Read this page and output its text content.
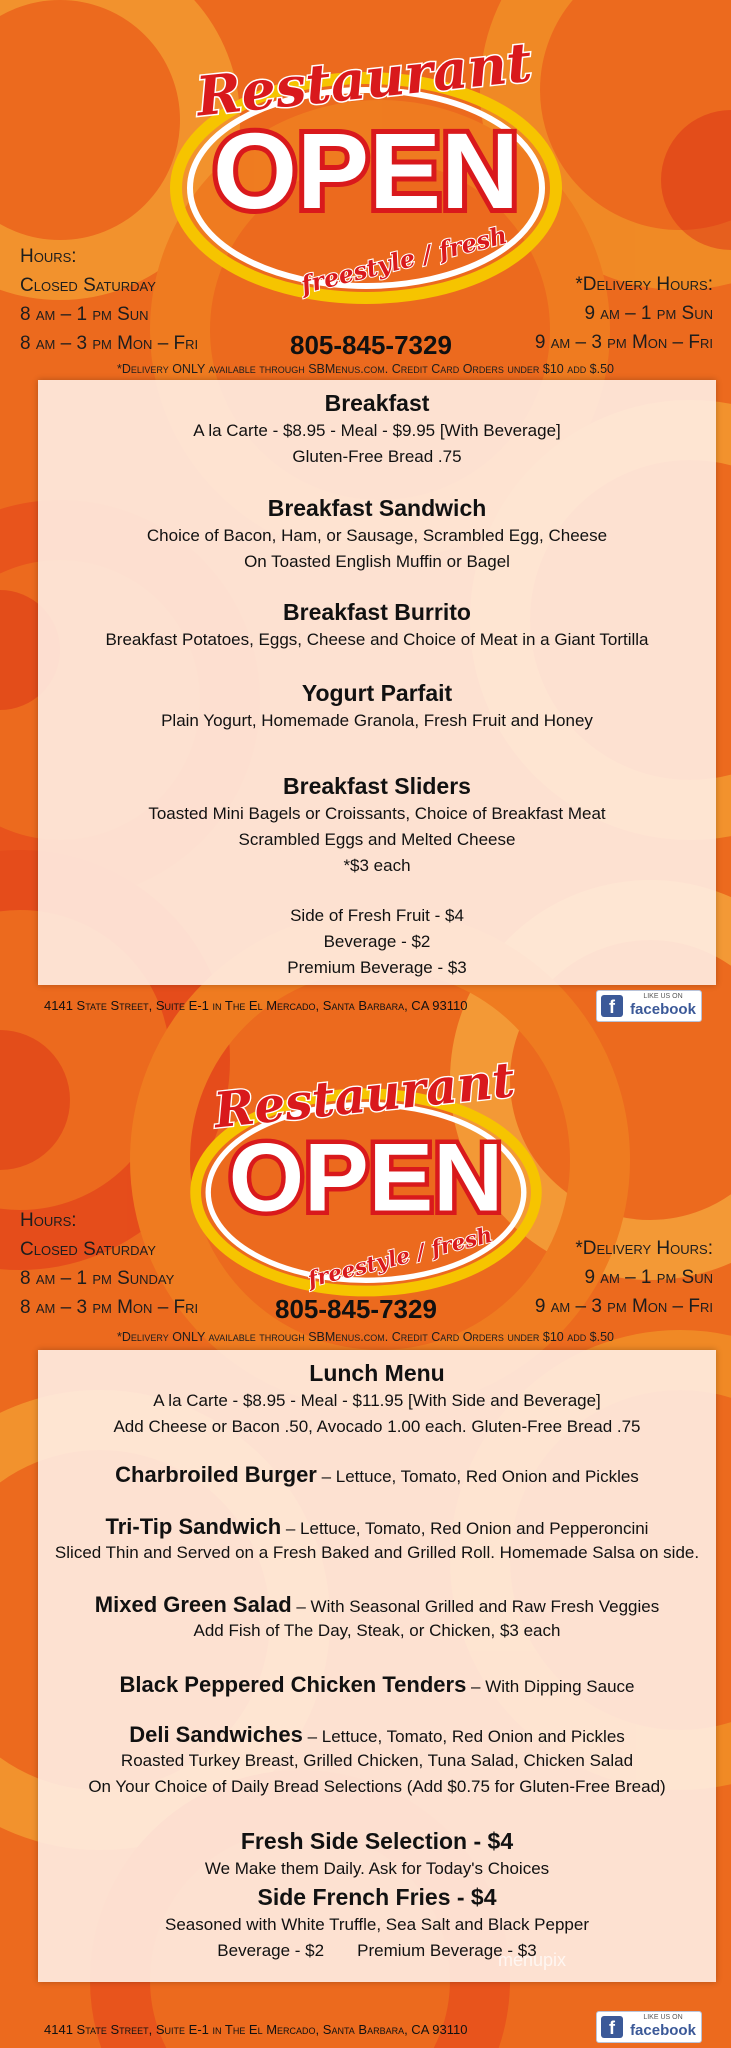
Restaurant
OPEN
freestyle / fresh
Hours:
Closed Saturday
8 am – 1 pm Sun
8 am – 3 pm Mon – Fri
*Delivery Hours:
9 am – 1 pm Sun
9 am – 3 pm Mon – Fri
805-845-7329
*Delivery ONLY available through SBMenus.com. Credit Card Orders under $10 add $.50
Breakfast
A la Carte - $8.95 - Meal - $9.95 [With Beverage]
Gluten-Free Bread .75
Breakfast Sandwich
Choice of Bacon, Ham, or Sausage, Scrambled Egg, Cheese
On Toasted English Muffin or Bagel
Breakfast Burrito
Breakfast Potatoes, Eggs, Cheese and Choice of Meat in a Giant Tortilla
Yogurt Parfait
Plain Yogurt, Homemade Granola, Fresh Fruit and Honey
Breakfast Sliders
Toasted Mini Bagels or Croissants, Choice of Breakfast Meat
Scrambled Eggs and Melted Cheese
*$3 each
Side of Fresh Fruit - $4
Beverage - $2
Premium Beverage - $3
4141 State Street, Suite E-1 in The El Mercado, Santa Barbara, CA 93110	f
LIKE US ON
facebook
Restaurant
OPEN
freestyle / fresh
Hours:
Closed Saturday
8 am – 1 pm Sunday
8 am – 3 pm Mon – Fri
*Delivery Hours:
9 am – 1 pm Sun
9 am – 3 pm Mon – Fri
805-845-7329
*Delivery ONLY available through SBMenus.com. Credit Card Orders under $10 add $.50
Lunch Menu
A la Carte - $8.95 - Meal - $11.95 [With Side and Beverage]
Add Cheese or Bacon .50, Avocado 1.00 each. Gluten-Free Bread .75
Charbroiled Burger – Lettuce, Tomato, Red Onion and Pickles
Tri-Tip Sandwich – Lettuce, Tomato, Red Onion and Pepperoncini
Sliced Thin and Served on a Fresh Baked and Grilled Roll. Homemade Salsa on side.
Mixed Green Salad – With Seasonal Grilled and Raw Fresh Veggies
Add Fish of The Day, Steak, or Chicken, $3 each
Black Peppered Chicken Tenders – With Dipping Sauce
Deli Sandwiches – Lettuce, Tomato, Red Onion and Pickles
Roasted Turkey Breast, Grilled Chicken, Tuna Salad, Chicken Salad
On Your Choice of Daily Bread Selections (Add $0.75 for Gluten-Free Bread)
Fresh Side Selection - $4
We Make them Daily. Ask for Today's Choices
Side French Fries - $4
Seasoned with White Truffle, Sea Salt and Black Pepper
Beverage - $2 Premium Beverage - $3
menupix
4141 State Street, Suite E-1 in The El Mercado, Santa Barbara, CA 93110	f
LIKE US ON
facebook
